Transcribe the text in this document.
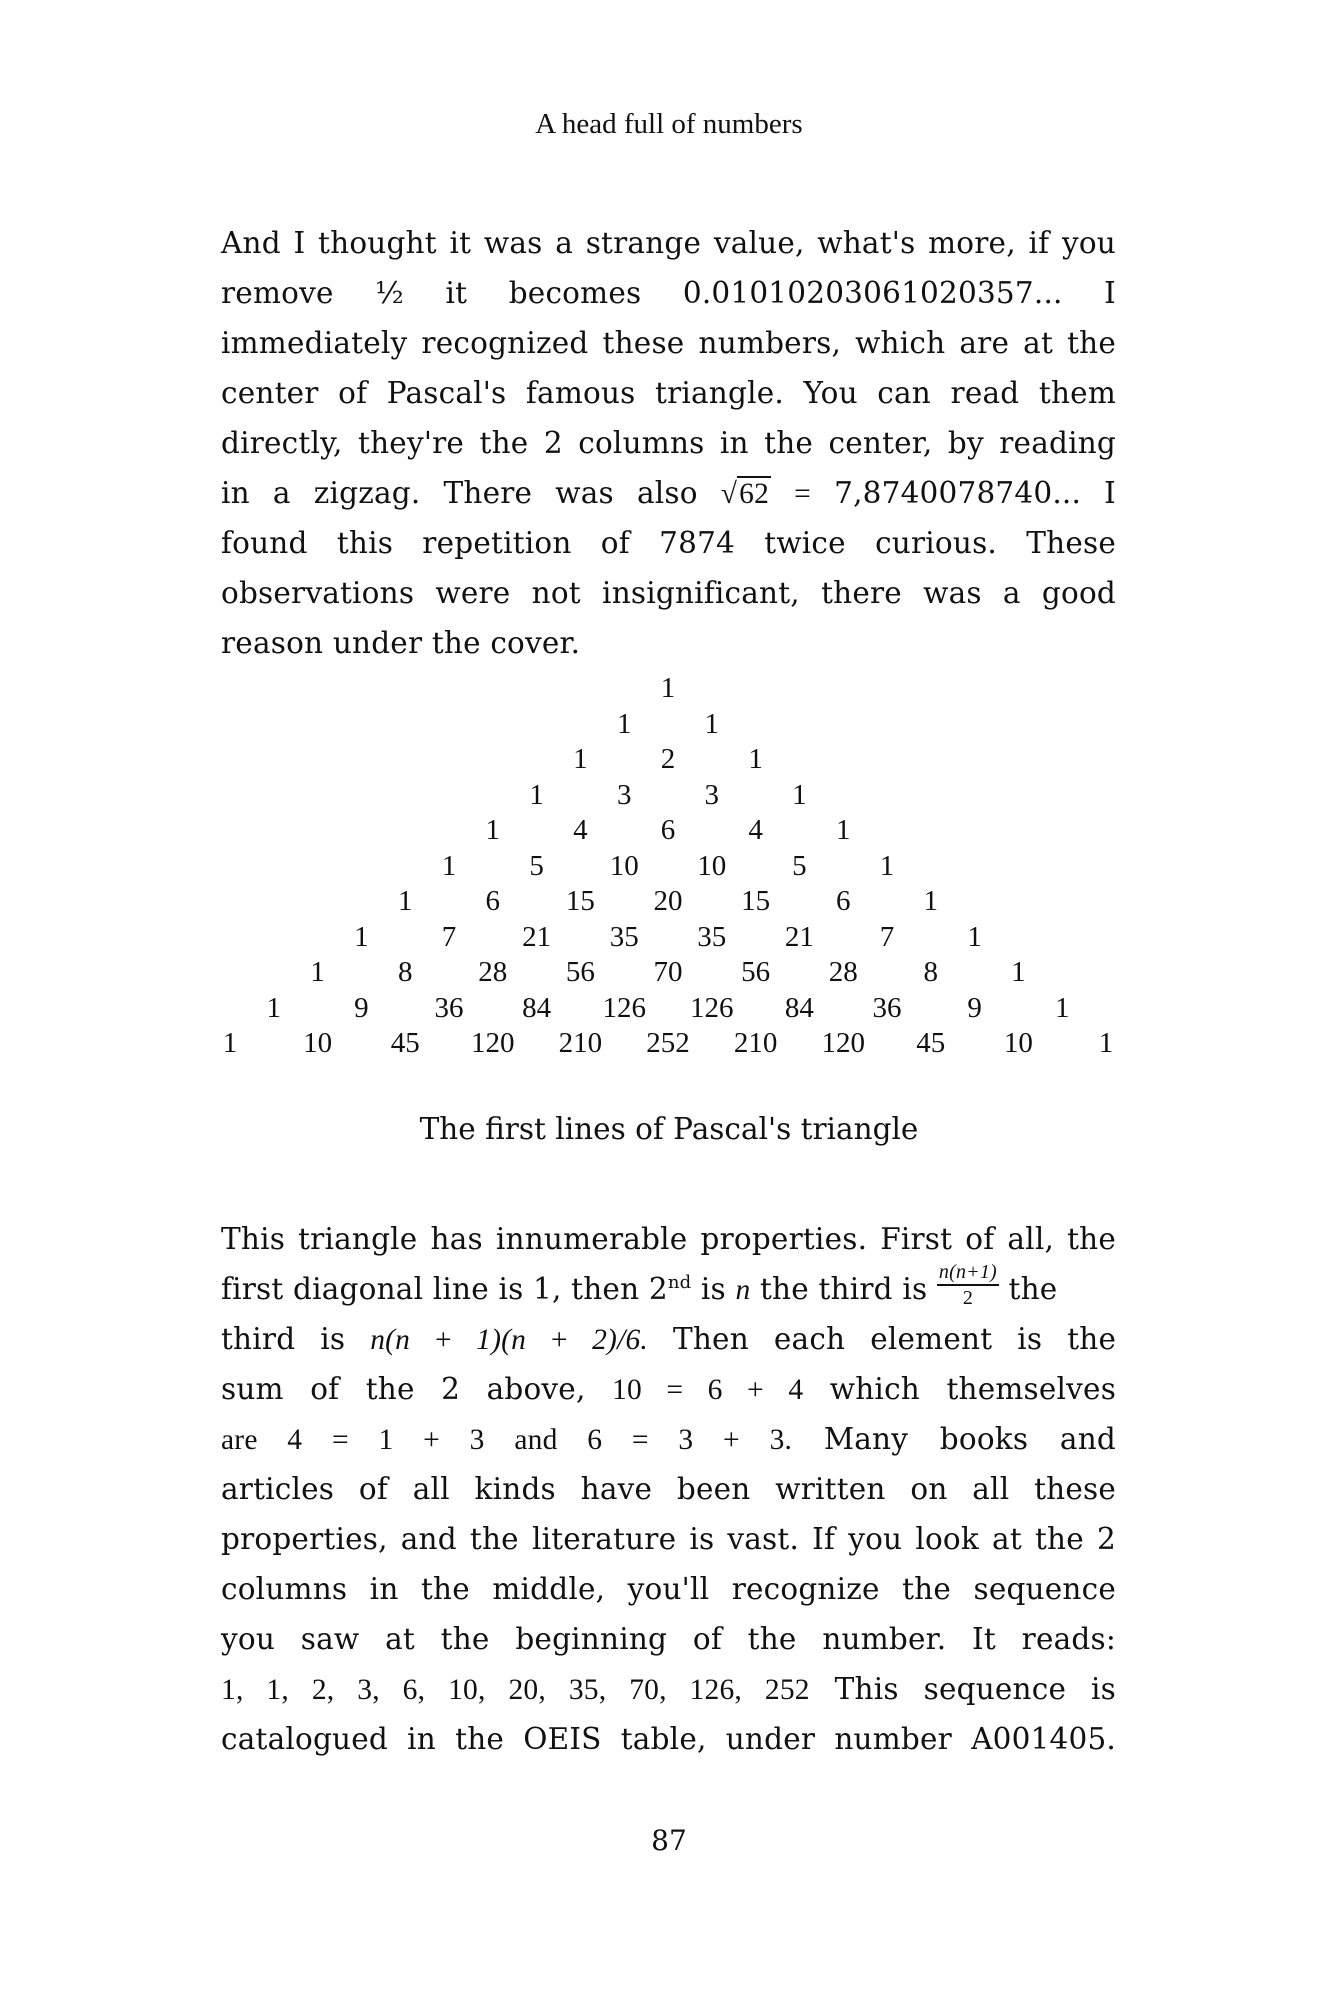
A head full of numbers
And I thought it was a strange value, what's more, if you
remove ½ it becomes 0.01010203061020357... I
immediately recognized these numbers, which are at the
center of Pascal's famous triangle. You can read them
directly, they're the 2 columns in the center, by reading
in a zigzag. There was also √62 = 7,8740078740... I
found this repetition of 7874 twice curious. These
observations were not insignificant, there was a good
reason under the cover.
1
1	1
1	2	1
1	3	3	1
1	4	6	4	1
1	5 10 10 5	1
1	6 15 20 15 6	1
1	7 21 35 35 21 7	1
1	8 28 56 70 56 28 8	1
1	9 36 84 126 126 84 36 9	1
1 10 45 120 210 252 210 120 45 10 1
The first lines of Pascal's triangle
This triangle has innumerable properties. First of all, the
first diagonal line is 1, then 2nd is n the third is $\frac{n(n+1)}{2}$ the
third is n(n + 1)(n + 2)/6. Then each element is the
sum of the 2 above, 10 = 6 + 4 which themselves
are 4 = 1 + 3 and 6 = 3 + 3. Many books and
articles of all kinds have been written on all these
properties, and the literature is vast. If you look at the 2
columns in the middle, you'll recognize the sequence
you saw at the beginning of the number. It reads:
1, 1, 2, 3, 6, 10, 20, 35, 70, 126, 252 This sequence is
catalogued in the OEIS table, under number A001405.
87
